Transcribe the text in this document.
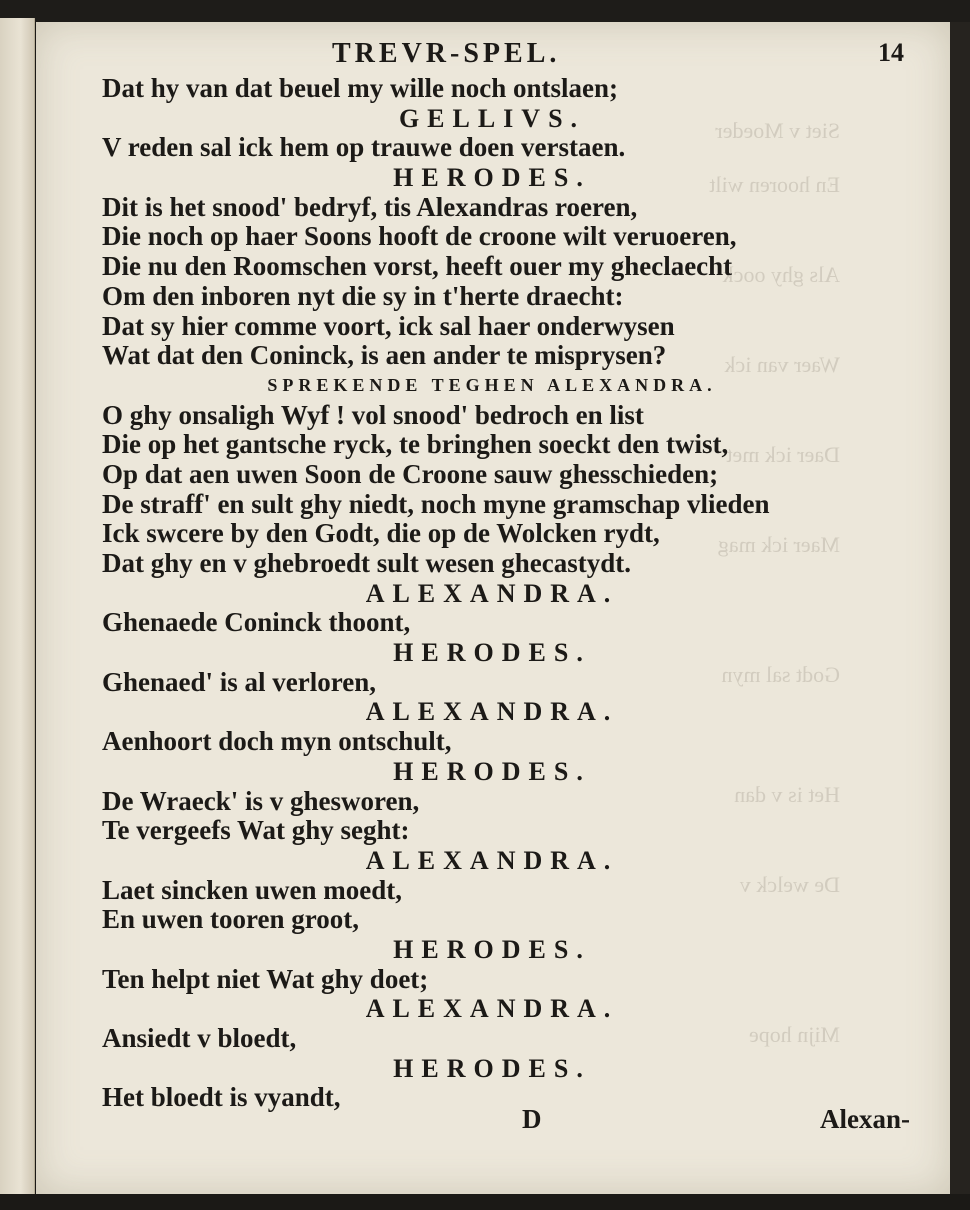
Siet v Moeder
En hooren wilt
Als ghy oock
Waer van ick
Daer ick met
Maer ick mag
Godt sal myn
Het is v dan
De welck v
Mijn hope
TREVR-SPEL.	14
Dat hy van dat beuel my wille noch ontslaen;
GELLIVS.
V reden sal ick hem op trauwe doen verstaen.
HERODES.
Dit is het snood' bedryf, tis Alexandras roeren,
Die noch op haer Soons hooft de croone wilt veruoeren,
Die nu den Roomschen vorst, heeft ouer my gheclaecht
Om den inboren nyt die sy in t'herte draecht:
Dat sy hier comme voort, ick sal haer onderwysen
Wat dat den Coninck, is aen ander te misprysen?
SPREKENDE TEGHEN ALEXANDRA.
O ghy onsaligh Wyf ! vol snood' bedroch en list
Die op het gantsche ryck, te bringhen soeckt den twist,
Op dat aen uwen Soon de Croone sauw ghesschieden;
De straff' en sult ghy niedt, noch myne gramschap vlieden
Ick swcere by den Godt, die op de Wolcken rydt,
Dat ghy en v ghebroedt sult wesen ghecastydt.
ALEXANDRA.
Ghenaede Coninck thoont,
HERODES.
Ghenaed' is al verloren,
ALEXANDRA.
Aenhoort doch myn ontschult,
HERODES.
De Wraeck' is v ghesworen,
Te vergeefs Wat ghy seght:
ALEXANDRA.
Laet sincken uwen moedt,
En uwen tooren groot,
HERODES.
Ten helpt niet Wat ghy doet;
ALEXANDRA.
Ansiedt v bloedt,
HERODES.
Het bloedt is vyandt,
D	Alexan-
